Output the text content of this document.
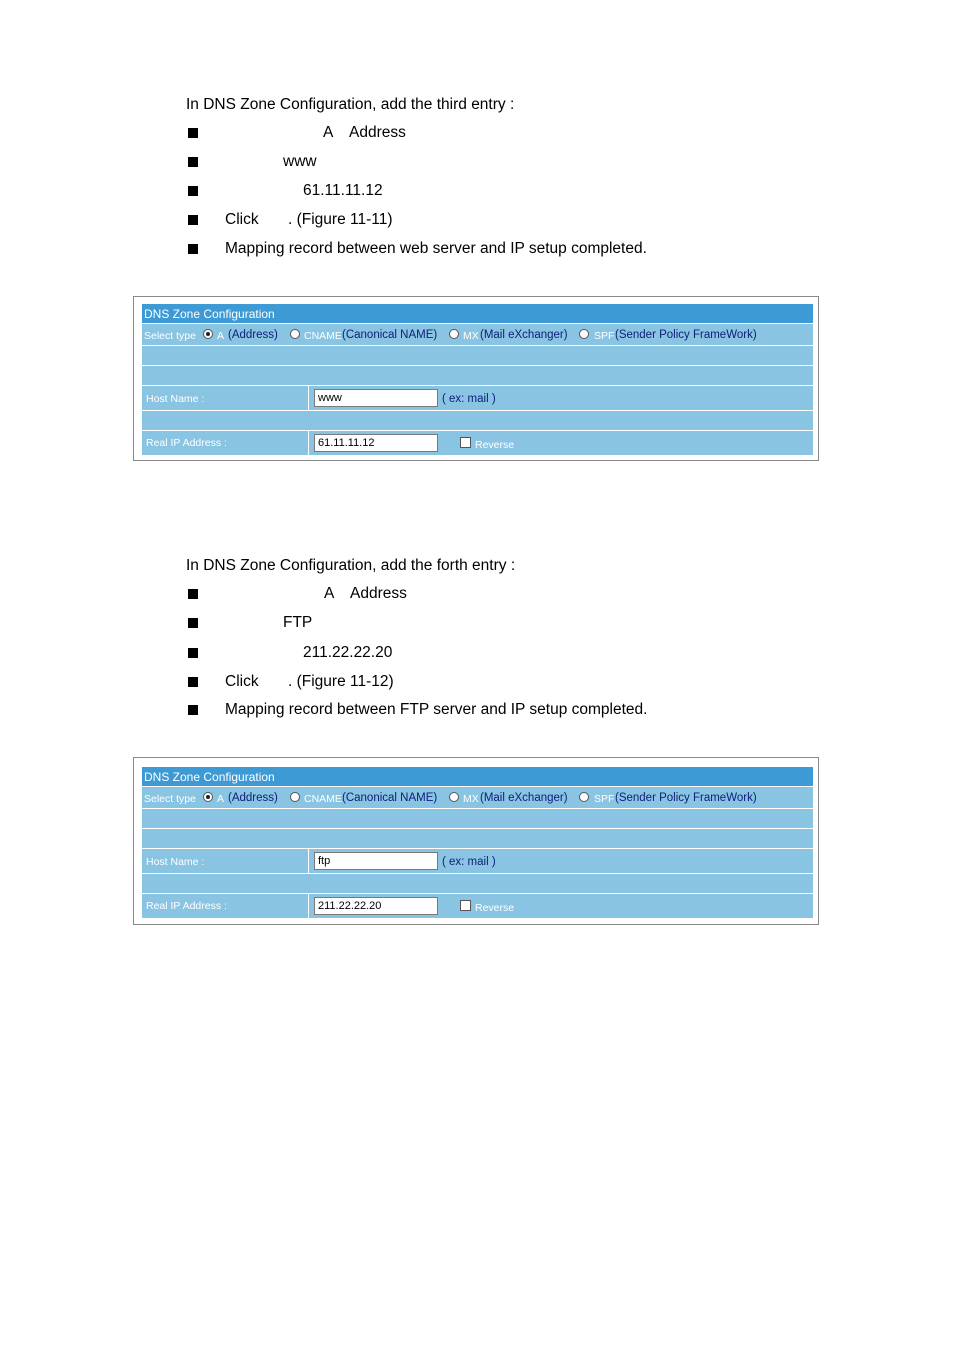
In DNS Zone Configuration, add the third entry :
A Address
www
61.11.11.12
Click . (Figure 11-11)
Mapping record between web server and IP setup completed.
DNS Zone Configuration
Select type A (Address) CNAME (Canonical NAME) MX (Mail eXchanger)	SPF (Sender Policy FrameWork)
Host Name :	www	( ex: mail )
Real IP Address :	61.11.11.12	Reverse
In DNS Zone Configuration, add the forth entry :
A Address
FTP
211.22.22.20
Click . (Figure 11-12)
Mapping record between FTP server and IP setup completed.
DNS Zone Configuration
Select type A (Address) CNAME (Canonical NAME) MX (Mail eXchanger)	SPF (Sender Policy FrameWork)
Host Name :	ftp	( ex: mail )
Real IP Address :	211.22.22.20	Reverse
